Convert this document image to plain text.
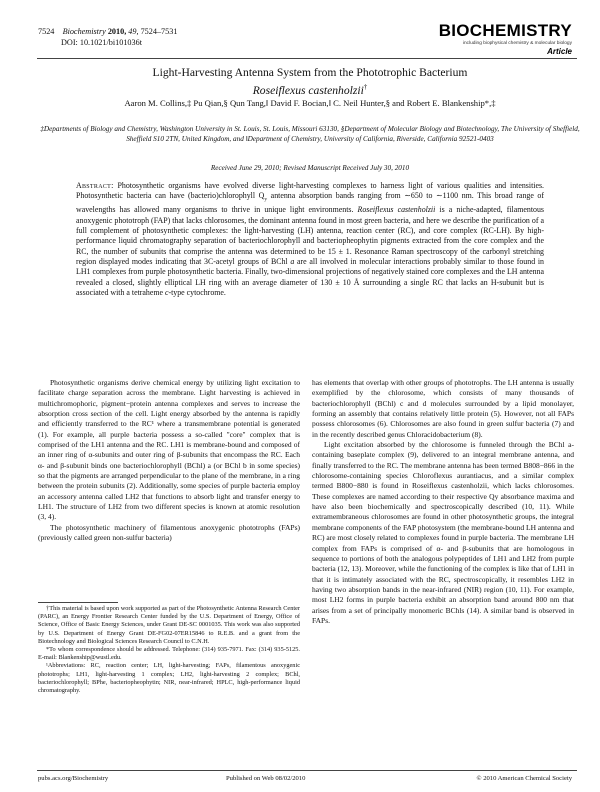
7524 Biochemistry 2010, 49, 7524–7531
DOI: 10.1021/bi101036t
BIOCHEMISTRY
including biophysical chemistry & molecular biology
Article
Light-Harvesting Antenna System from the Phototrophic Bacterium
Roseiflexus castenholzii†
Aaron M. Collins,‡ Pu Qian,§ Qun Tang,‖ David F. Bocian,‖ C. Neil Hunter,§ and Robert E. Blankenship*,‡
‡Departments of Biology and Chemistry, Washington University in St. Louis, St. Louis, Missouri 63130, §Department of Molecular Biology and Biotechnology, The University of Sheffield, Sheffield S10 2TN, United Kingdom, and ‖Department of Chemistry, University of California, Riverside, California 92521-0403
Received June 29, 2010; Revised Manuscript Received July 30, 2010
Abstract: Photosynthetic organisms have evolved diverse light-harvesting complexes to harness light of various qualities and intensities. Photosynthetic bacteria can have (bacterio)chlorophyll $Q_y$ antenna absorption bands ranging from ∼650 to ∼1100 nm. This broad range of wavelengths has allowed many organisms to thrive in unique light environments. Roseiflexus castenholzii is a niche-adapted, filamentous anoxygenic phototroph (FAP) that lacks chlorosomes, the dominant antenna found in most green bacteria, and here we describe the purification of a full complement of photosynthetic complexes: the light-harvesting (LH) antenna, reaction center (RC), and core complex (RC-LH). By high-performance liquid chromatography separation of bacteriochlorophyll and bacteriopheophytin pigments extracted from the core complex and the RC, the number of subunits that comprise the antenna was determined to be 15 ± 1. Resonance Raman spectroscopy of the carbonyl stretching region displayed modes indicating that 3C-acetyl groups of BChl a are all involved in molecular interactions probably similar to those found in LH1 complexes from purple photosynthetic bacteria. Finally, two-dimensional projections of negatively stained core complexes and the LH antenna revealed a closed, slightly elliptical LH ring with an average diameter of 130 ± 10 Å surrounding a single RC that lacks an H-subunit but is associated with a tetraheme c-type cytochrome.

Photosynthetic organisms derive chemical energy by utilizing light excitation to facilitate charge separation across the membrane. Light harvesting is achieved in multichromophoric, pigment−protein antenna complexes and serves to increase the absorption cross section of the cell. Light energy absorbed by the antenna is rapidly and efficiently transferred to the RC¹ where a transmembrane potential is generated (1). For example, all purple bacteria possess a so-called "core" complex that is comprised of the LH1 antenna and the RC. LH1 is membrane-bound and composed of an inner ring of α-subunits and outer ring of β-subunits that encompass the RC. Each α- and β-subunit binds one bacteriochlorophyll (BChl) a (or BChl b in some species) so that the pigments are arranged perpendicular to the plane of the membrane, in a ring between the protein subunits (2). Additionally, some species of purple bacteria employ an accessory antenna called LH2 that functions to absorb light and transfer energy to LH1. The structure of LH2 from two different species is known at atomic resolution (3, 4).

The photosynthetic machinery of filamentous anoxygenic phototrophs (FAPs) (previously called green non-sulfur bacteria)

has elements that overlap with other groups of phototrophs. The LH antenna is usually exemplified by the chlorosome, which consists of many thousands of bacteriochlorophyll (BChl) c and d molecules surrounded by a lipid monolayer, forming an assembly that contains relatively little protein (5). However, not all FAPs possess chlorosomes (6). Chlorosomes are also found in green sulfur bacteria (7) and in the recently described genus Chloracidobacterium (8).

Light excitation absorbed by the chlorosome is funneled through the BChl a-containing baseplate complex (9), delivered to an integral membrane antenna, and finally transferred to the RC. The membrane antenna has been termed B808−866 in the chlorosome-containing species Chloroflexus aurantiacus, and a similar complex termed B800−880 is found in Roseiflexus castenholzii, which lacks chlorosomes. These complexes are named according to their respective Qy absorbance maxima and have also been biochemically and spectroscopically described (10, 11). While extramembraneous chlorosomes are found in other photosynthetic groups, the integral membrane components of the FAP photosystem (the membrane-bound LH antenna and RC) are most closely related to complexes found in purple bacteria. The membrane LH complex from FAPs is comprised of α- and β-subunits that are homologous in sequence to portions of both the analogous polypeptides of LH1 and LH2 from purple bacteria (12, 13). Moreover, while the functioning of the complex is like that of LH1 in that it is intimately associated with the RC, spectroscopically, it resembles LH2 in having two absorption bands in the near-infrared (NIR) region (10, 11). For example, most LH2 forms in purple bacteria exhibit an absorption band around 800 nm that arises from a set of principally monomeric BChls (14). A similar band is observed in FAPs.

†This material is based upon work supported as part of the Photosynthetic Antenna Research Center (PARC), an Energy Frontier Research Center funded by the U.S. Department of Energy, Office of Science, Office of Basic Energy Sciences, under Grant DE-SC 0001035. This work was also supported by U.S. Department of Energy Grant DE-FG02-07ER15846 to R.E.B. and a grant from the Biotechnology and Biological Sciences Research Council to C.N.H.

*To whom correspondence should be addressed. Telephone: (314) 935-7971. Fax: (314) 935-5125. E-mail: Blankenship@wustl.edu.

¹Abbreviations: RC, reaction center; LH, light-harvesting; FAPs, filamentous anoxygenic phototrophs; LH1, light-harvesting 1 complex; LH2, light-harvesting 2 complex; BChl, bacteriochlorophyll; BPhe, bacteriopheophytin; NIR, near-infrared; HPLC, high-performance liquid chromatography.

pubs.acs.org/Biochemistry	Published on Web 08/02/2010	© 2010 American Chemical Society
